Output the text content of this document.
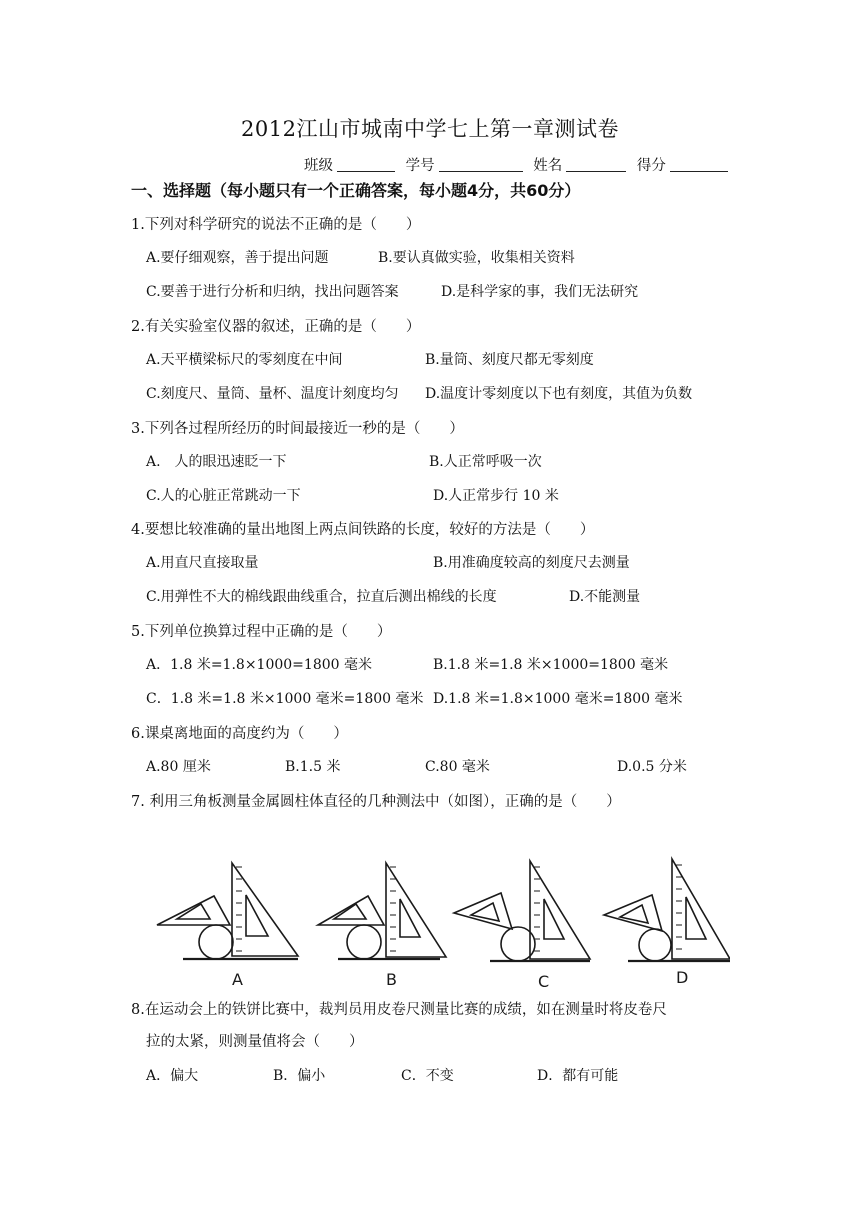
2012江山市城南中学七上第一章测试卷
班级	学号	姓名	得分
一、选择题（每小题只有一个正确答案，每小题4分，共60分）
1.下列对科学研究的说法不正确的是（　　）
A.要仔细观察，善于提出问题	B.要认真做实验，收集相关资料
C.要善于进行分析和归纳，找出问题答案	D.是科学家的事，我们无法研究
2.有关实验室仪器的叙述，正确的是（　　）
A.天平横梁标尺的零刻度在中间	B.量筒、刻度尺都无零刻度
C.刻度尺、量筒、量杯、温度计刻度均匀 D.温度计零刻度以下也有刻度，其值为负数
3.下列各过程所经历的时间最接近一秒的是（　　）
A.　人的眼迅速眨一下	B.人正常呼吸一次
C.人的心脏正常跳动一下	D.人正常步行 10 米
4.要想比较准确的量出地图上两点间铁路的长度，较好的方法是（　　）
A.用直尺直接取量	B.用准确度较高的刻度尺去测量
C.用弹性不大的棉线跟曲线重合，拉直后测出棉线的长度	D.不能测量
5.下列单位换算过程中正确的是（　　）
A．1.8 米=1.8×1000=1800 毫米	B.1.8 米=1.8 米×1000=1800 毫米
C．1.8 米=1.8 米×1000 毫米=1800 毫米 D.1.8 米=1.8×1000 毫米=1800 毫米
6.课桌离地面的高度约为（　　）
A.80 厘米	B.1.5 米	C.80 毫米	D.0.5 分米
7. 利用三角板测量金属圆柱体直径的几种测法中（如图），正确的是（　　）
A	B	C	D
8.在运动会上的铁饼比赛中，裁判员用皮卷尺测量比赛的成绩，如在测量时将皮卷尺
拉的太紧，则测量值将会（　　）
A．偏大	B．偏小	C．不变	D．都有可能
